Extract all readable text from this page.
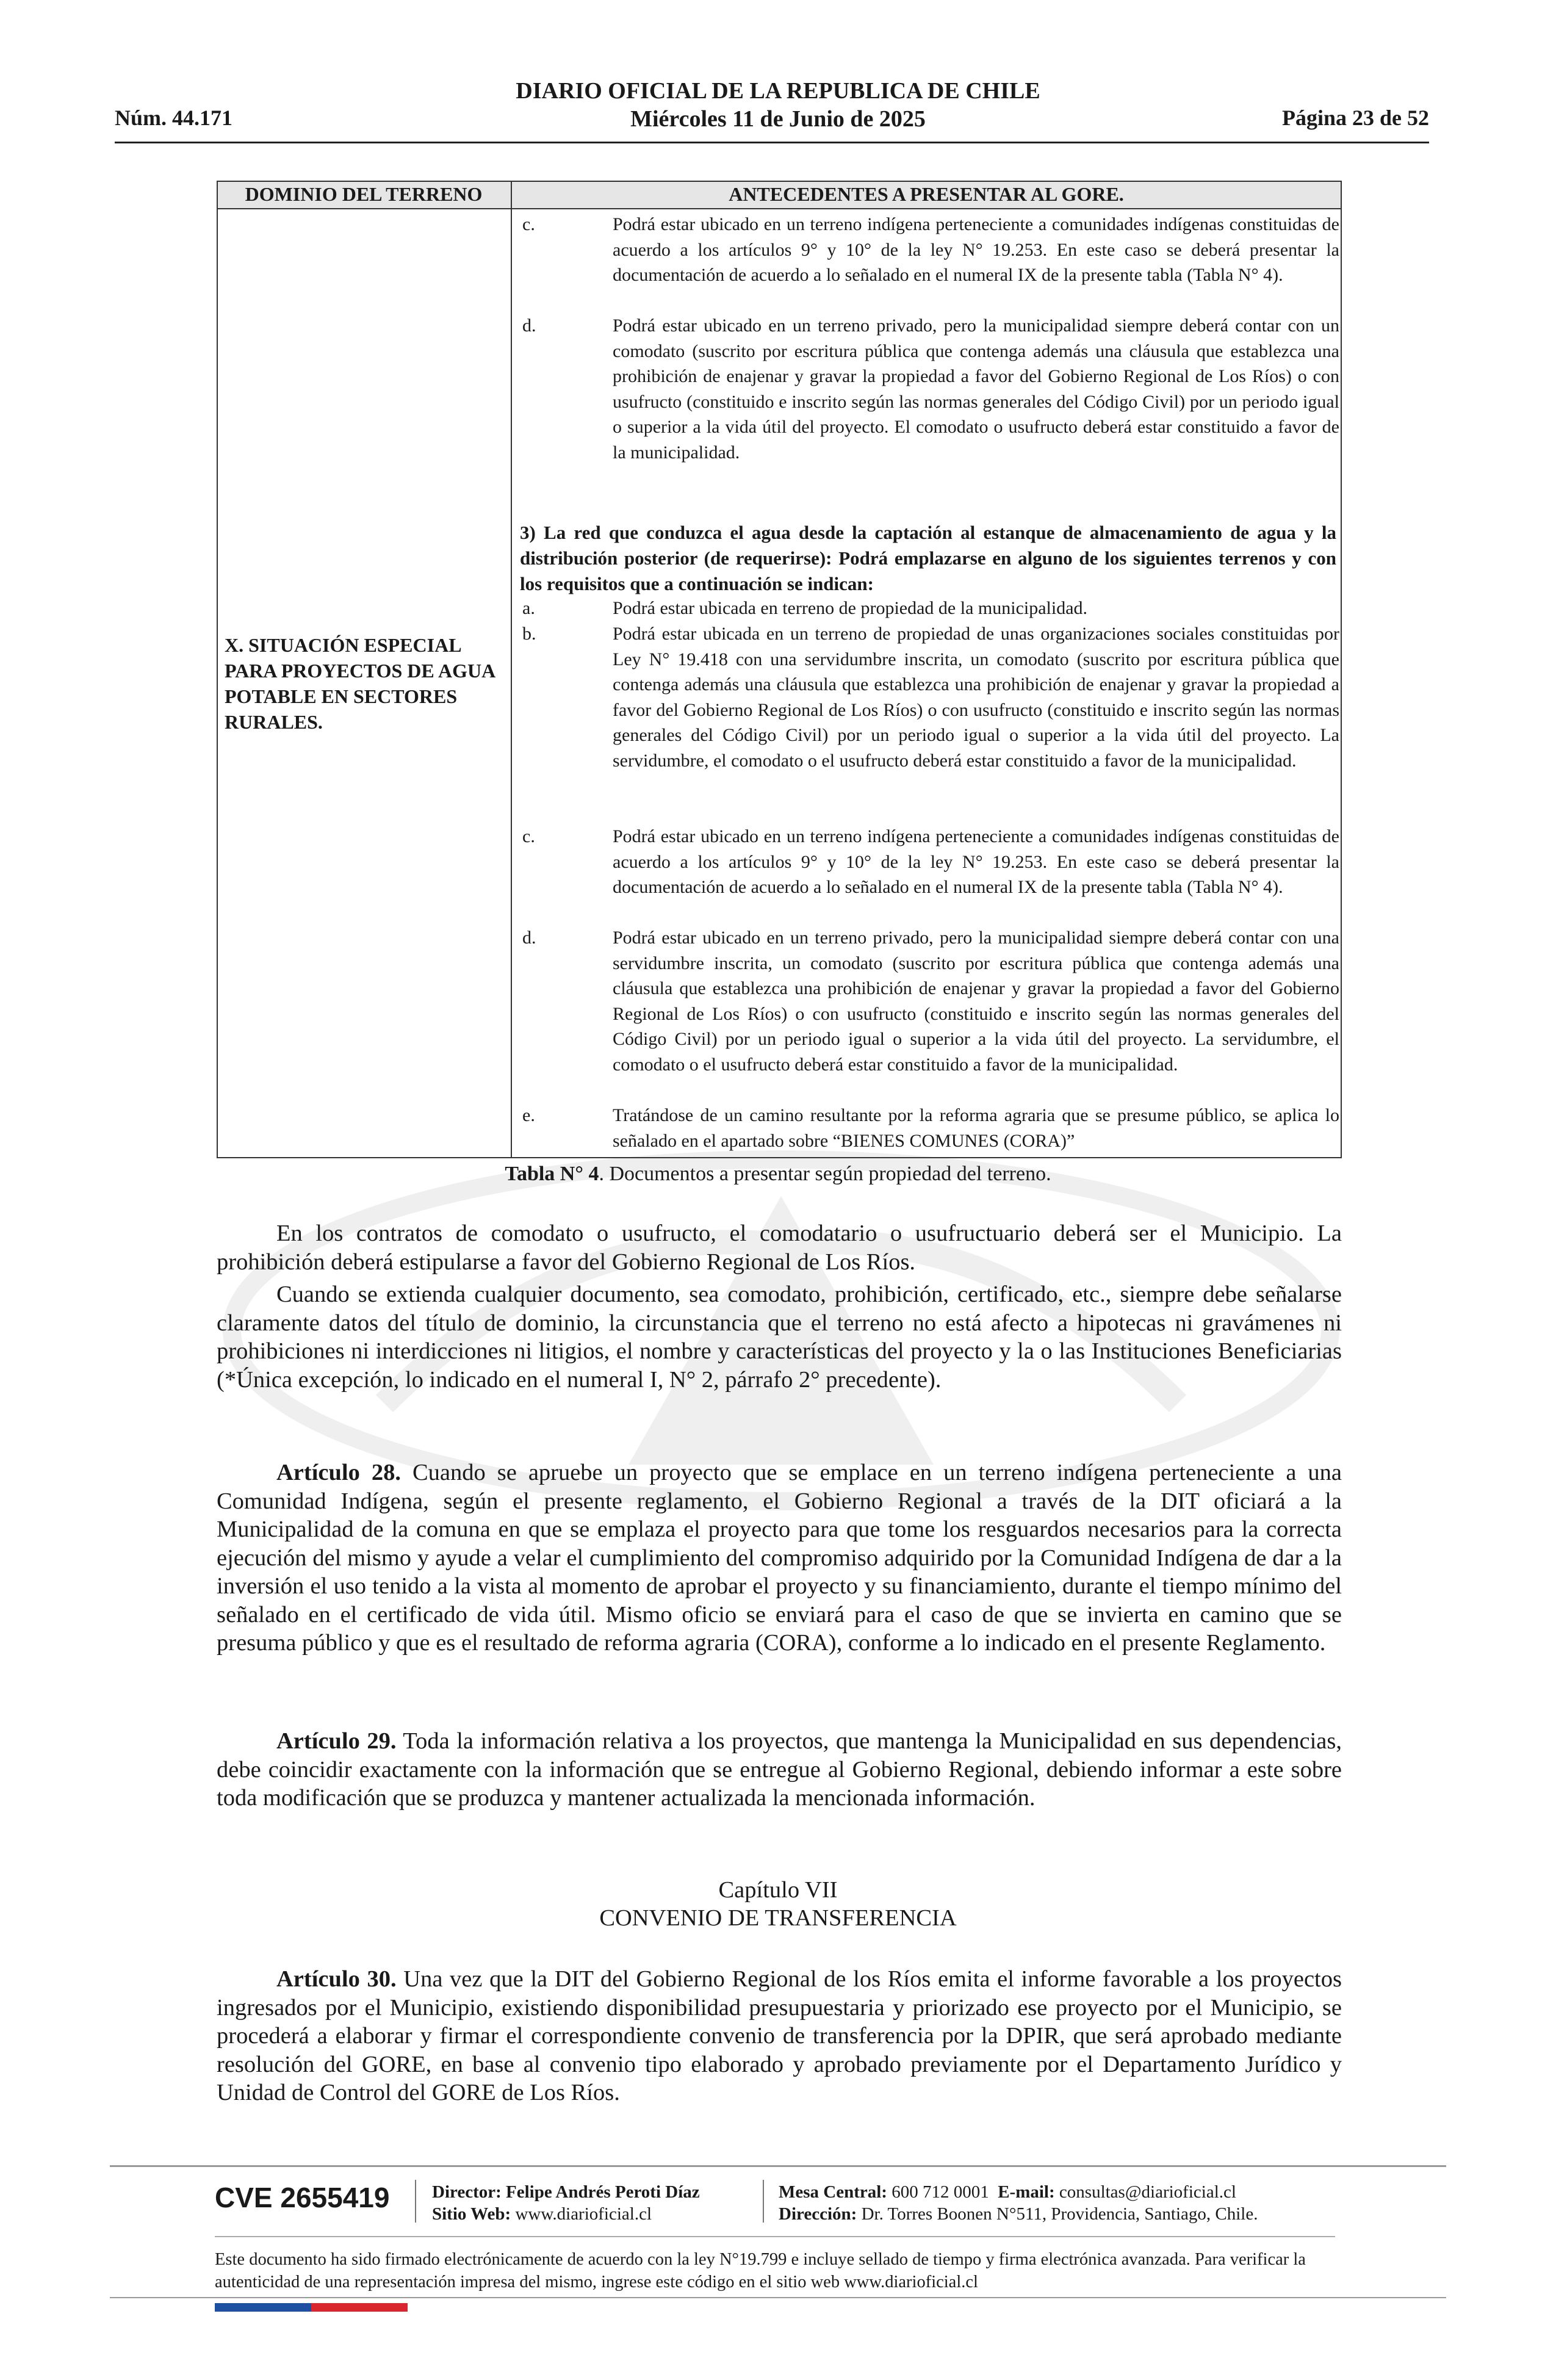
Núm. 44.171
DIARIO OFICIAL DE LA REPUBLICA DE CHILE
Miércoles 11 de Junio de 2025	Página 23 de 52
DOMINIO DEL TERRENO	ANTECEDENTES A PRESENTAR AL GORE.
X. SITUACIÓN ESPECIAL PARA PROYECTOS DE AGUA POTABLE EN SECTORES RURALES.
c.	Podrá estar ubicado en un terreno indígena perteneciente a comunidades indígenas constituidas de acuerdo a los artículos 9° y 10° de la ley N° 19.253. En este caso se deberá presentar la documentación de acuerdo a lo señalado en el numeral IX de la presente tabla (Tabla N° 4).
d.	Podrá estar ubicado en un terreno privado, pero la municipalidad siempre deberá contar con un comodato (suscrito por escritura pública que contenga además una cláusula que establezca una prohibición de enajenar y gravar la propiedad a favor del Gobierno Regional de Los Ríos) o con usufructo (constituido e inscrito según las normas generales del Código Civil) por un periodo igual o superior a la vida útil del proyecto. El comodato o usufructo deberá estar constituido a favor de la municipalidad.
3) La red que conduzca el agua desde la captación al estanque de almacenamiento de agua y la distribución posterior (de requerirse): Podrá emplazarse en alguno de los siguientes terrenos y con los requisitos que a continuación se indican:
a.	Podrá estar ubicada en terreno de propiedad de la municipalidad.
b.	Podrá estar ubicada en un terreno de propiedad de unas organizaciones sociales constituidas por Ley N° 19.418 con una servidumbre inscrita, un comodato (suscrito por escritura pública que contenga además una cláusula que establezca una prohibición de enajenar y gravar la propiedad a favor del Gobierno Regional de Los Ríos) o con usufructo (constituido e inscrito según las normas generales del Código Civil) por un periodo igual o superior a la vida útil del proyecto. La servidumbre, el comodato o el usufructo deberá estar constituido a favor de la municipalidad.
c.	Podrá estar ubicado en un terreno indígena perteneciente a comunidades indígenas constituidas de acuerdo a los artículos 9° y 10° de la ley N° 19.253. En este caso se deberá presentar la documentación de acuerdo a lo señalado en el numeral IX de la presente tabla (Tabla N° 4).
d.	Podrá estar ubicado en un terreno privado, pero la municipalidad siempre deberá contar con una servidumbre inscrita, un comodato (suscrito por escritura pública que contenga además una cláusula que establezca una prohibición de enajenar y gravar la propiedad a favor del Gobierno Regional de Los Ríos) o con usufructo (constituido e inscrito según las normas generales del Código Civil) por un periodo igual o superior a la vida útil del proyecto. La servidumbre, el comodato o el usufructo deberá estar constituido a favor de la municipalidad.
e.	Tratándose de un camino resultante por la reforma agraria que se presume público, se aplica lo señalado en el apartado sobre “BIENES COMUNES (CORA)”
Tabla N° 4. Documentos a presentar según propiedad del terreno.
En los contratos de comodato o usufructo, el comodatario o usufructuario deberá ser el Municipio. La prohibición deberá estipularse a favor del Gobierno Regional de Los Ríos.
Cuando se extienda cualquier documento, sea comodato, prohibición, certificado, etc., siempre debe señalarse claramente datos del título de dominio, la circunstancia que el terreno no está afecto a hipotecas ni gravámenes ni prohibiciones ni interdicciones ni litigios, el nombre y características del proyecto y la o las Instituciones Beneficiarias (*Única excepción, lo indicado en el numeral I, N° 2, párrafo 2° precedente).
Artículo 28. Cuando se apruebe un proyecto que se emplace en un terreno indígena perteneciente a una Comunidad Indígena, según el presente reglamento, el Gobierno Regional a través de la DIT oficiará a la Municipalidad de la comuna en que se emplaza el proyecto para que tome los resguardos necesarios para la correcta ejecución del mismo y ayude a velar el cumplimiento del compromiso adquirido por la Comunidad Indígena de dar a la inversión el uso tenido a la vista al momento de aprobar el proyecto y su financiamiento, durante el tiempo mínimo del señalado en el certificado de vida útil. Mismo oficio se enviará para el caso de que se invierta en camino que se presuma público y que es el resultado de reforma agraria (CORA), conforme a lo indicado en el presente Reglamento.
Artículo 29. Toda la información relativa a los proyectos, que mantenga la Municipalidad en sus dependencias, debe coincidir exactamente con la información que se entregue al Gobierno Regional, debiendo informar a este sobre toda modificación que se produzca y mantener actualizada la mencionada información.
Capítulo VII
CONVENIO DE TRANSFERENCIA
Artículo 30. Una vez que la DIT del Gobierno Regional de los Ríos emita el informe favorable a los proyectos ingresados por el Municipio, existiendo disponibilidad presupuestaria y priorizado ese proyecto por el Municipio, se procederá a elaborar y firmar el correspondiente convenio de transferencia por la DPIR, que será aprobado mediante resolución del GORE, en base al convenio tipo elaborado y aprobado previamente por el Departamento Jurídico y Unidad de Control del GORE de Los Ríos.
CVE 2655419 Director: Felipe Andrés Peroti Díaz
Sitio Web: www.diarioficial.cl
Mesa Central: 600 712 0001 E-mail: consultas@diarioficial.cl
Dirección: Dr. Torres Boonen N°511, Providencia, Santiago, Chile.
Este documento ha sido firmado electrónicamente de acuerdo con la ley N°19.799 e incluye sellado de tiempo y firma electrónica avanzada. Para verificar la autenticidad de una representación impresa del mismo, ingrese este código en el sitio web www.diarioficial.cl
